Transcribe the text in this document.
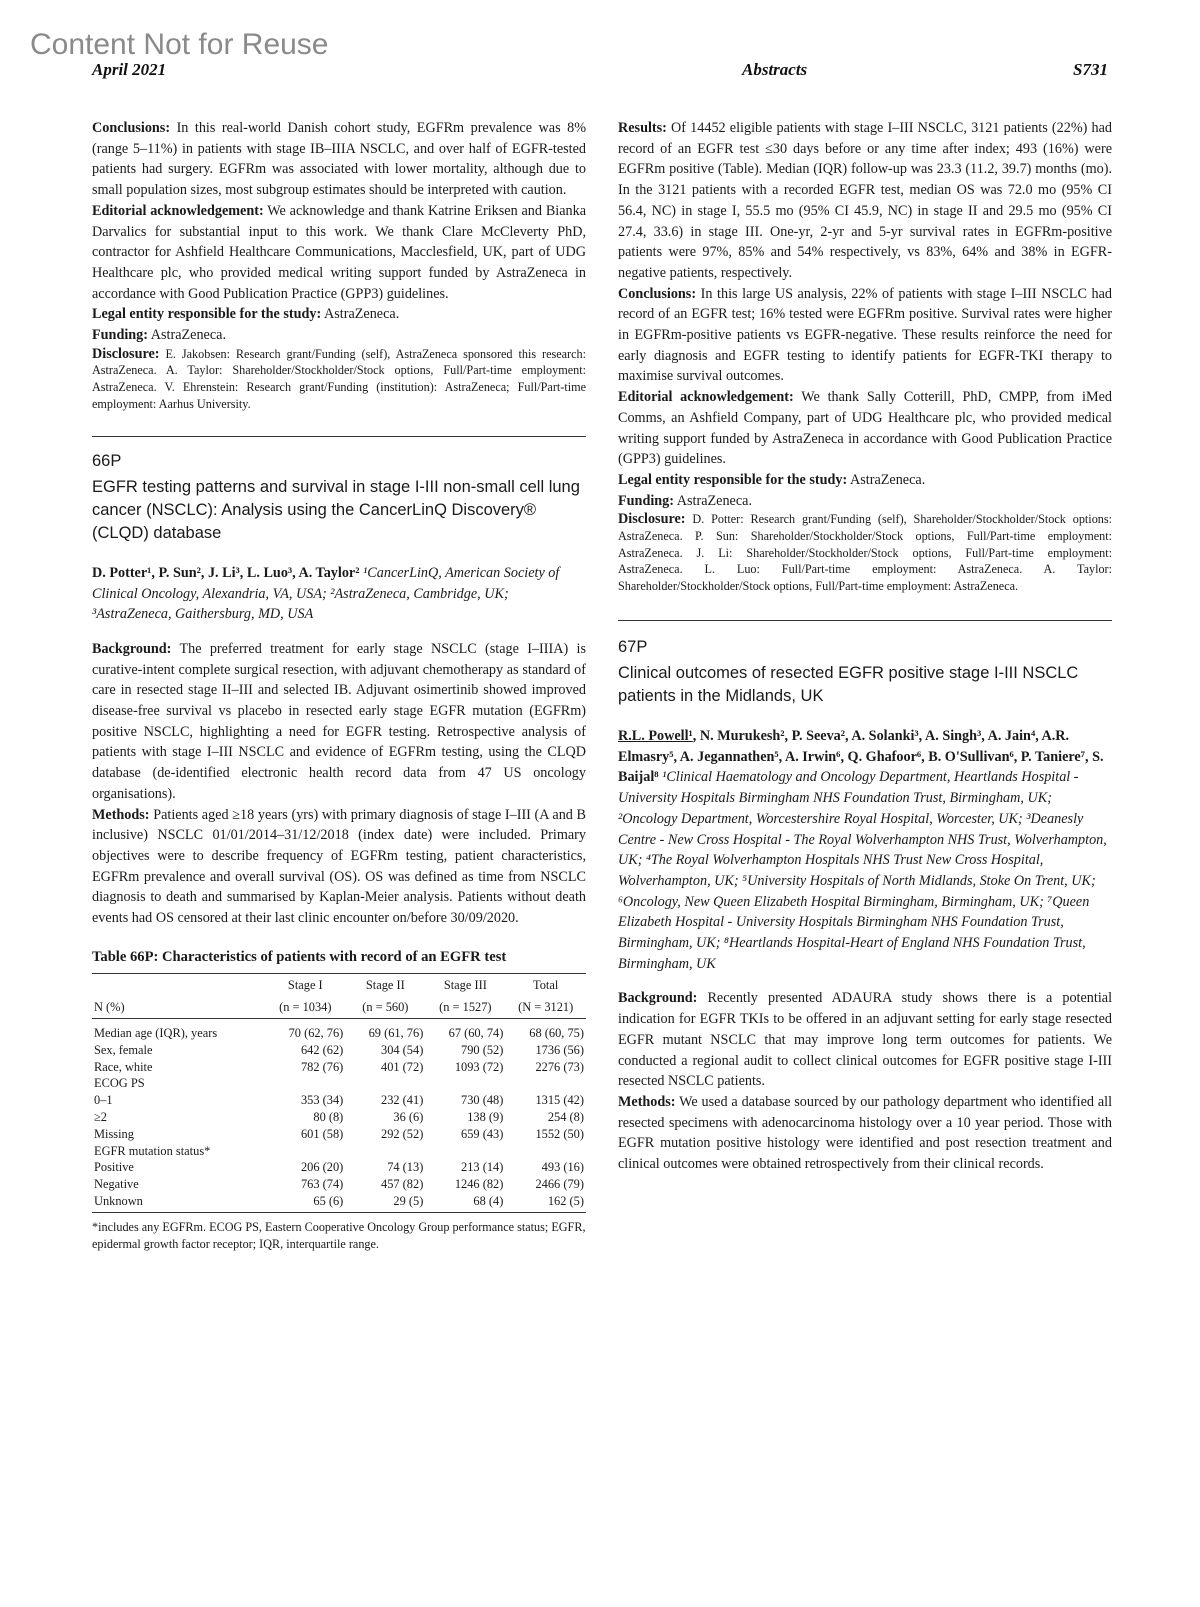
Content Not for Reuse
April 2021	Abstracts	S731

Conclusions: In this real-world Danish cohort study, EGFRm prevalence was 8% (range 5–11%) in patients with stage IB–IIIA NSCLC, and over half of EGFR-tested patients had surgery. EGFRm was associated with lower mortality, although due to small population sizes, most subgroup estimates should be interpreted with caution.

Editorial acknowledgement: We acknowledge and thank Katrine Eriksen and Bianka Darvalics for substantial input to this work. We thank Clare McCleverty PhD, contractor for Ashfield Healthcare Communications, Macclesfield, UK, part of UDG Healthcare plc, who provided medical writing support funded by AstraZeneca in accordance with Good Publication Practice (GPP3) guidelines.

Legal entity responsible for the study: AstraZeneca.

Funding: AstraZeneca.

Disclosure: E. Jakobsen: Research grant/Funding (self), AstraZeneca sponsored this research: AstraZeneca. A. Taylor: Shareholder/Stockholder/Stock options, Full/Part-time employment: AstraZeneca. V. Ehrenstein: Research grant/Funding (institution): AstraZeneca; Full/Part-time employment: Aarhus University.

66P
EGFR testing patterns and survival in stage I-III non-small cell lung cancer (NSCLC): Analysis using the CancerLinQ Discovery® (CLQD) database

D. Potter¹, P. Sun², J. Li³, L. Luo³, A. Taylor² ¹CancerLinQ, American Society of Clinical Oncology, Alexandria, VA, USA; ²AstraZeneca, Cambridge, UK; ³AstraZeneca, Gaithersburg, MD, USA

Background: The preferred treatment for early stage NSCLC (stage I–IIIA) is curative-intent complete surgical resection, with adjuvant chemotherapy as standard of care in resected stage II–III and selected IB. Adjuvant osimertinib showed improved disease-free survival vs placebo in resected early stage EGFR mutation (EGFRm) positive NSCLC, highlighting a need for EGFR testing. Retrospective analysis of patients with stage I–III NSCLC and evidence of EGFRm testing, using the CLQD database (de-identified electronic health record data from 47 US oncology organisations).

Methods: Patients aged ≥18 years (yrs) with primary diagnosis of stage I–III (A and B inclusive) NSCLC 01/01/2014–31/12/2018 (index date) were included. Primary objectives were to describe frequency of EGFRm testing, patient characteristics, EGFRm prevalence and overall survival (OS). OS was defined as time from NSCLC diagnosis to death and summarised by Kaplan-Meier analysis. Patients without death events had OS censored at their last clinic encounter on/before 30/09/2020.

Table 66P: Characteristics of patients with record of an EGFR test
	Stage I	Stage II	Stage III	Total
N (%)	(n = 1034)	(n = 560)	(n = 1527)	(N = 3121)
Median age (IQR), years	70 (62, 76)	69 (61, 76)	67 (60, 74)	68 (60, 75)
Sex, female	642 (62)	304 (54)	790 (52)	1736 (56)
Race, white	782 (76)	401 (72)	1093 (72)	2276 (73)
ECOG PS				
0–1	353 (34)	232 (41)	730 (48)	1315 (42)
≥2	80 (8)	36 (6)	138 (9)	254 (8)
Missing	601 (58)	292 (52)	659 (43)	1552 (50)
EGFR mutation status*				
Positive	206 (20)	74 (13)	213 (14)	493 (16)
Negative	763 (74)	457 (82)	1246 (82)	2466 (79)
Unknown	65 (6)	29 (5)	68 (4)	162 (5)
*includes any EGFRm. ECOG PS, Eastern Cooperative Oncology Group performance status; EGFR, epidermal growth factor receptor; IQR, interquartile range.

Results: Of 14452 eligible patients with stage I–III NSCLC, 3121 patients (22%) had record of an EGFR test ≤30 days before or any time after index; 493 (16%) were EGFRm positive (Table). Median (IQR) follow-up was 23.3 (11.2, 39.7) months (mo). In the 3121 patients with a recorded EGFR test, median OS was 72.0 mo (95% CI 56.4, NC) in stage I, 55.5 mo (95% CI 45.9, NC) in stage II and 29.5 mo (95% CI 27.4, 33.6) in stage III. One-yr, 2-yr and 5-yr survival rates in EGFRm-positive patients were 97%, 85% and 54% respectively, vs 83%, 64% and 38% in EGFR-negative patients, respectively.

Conclusions: In this large US analysis, 22% of patients with stage I–III NSCLC had record of an EGFR test; 16% tested were EGFRm positive. Survival rates were higher in EGFRm-positive patients vs EGFR-negative. These results reinforce the need for early diagnosis and EGFR testing to identify patients for EGFR-TKI therapy to maximise survival outcomes.

Editorial acknowledgement: We thank Sally Cotterill, PhD, CMPP, from iMed Comms, an Ashfield Company, part of UDG Healthcare plc, who provided medical writing support funded by AstraZeneca in accordance with Good Publication Practice (GPP3) guidelines.

Legal entity responsible for the study: AstraZeneca.

Funding: AstraZeneca.

Disclosure: D. Potter: Research grant/Funding (self), Shareholder/Stockholder/Stock options: AstraZeneca. P. Sun: Shareholder/Stockholder/Stock options, Full/Part-time employment: AstraZeneca. J. Li: Shareholder/Stockholder/Stock options, Full/Part-time employment: AstraZeneca. L. Luo: Full/Part-time employment: AstraZeneca. A. Taylor: Shareholder/Stockholder/Stock options, Full/Part-time employment: AstraZeneca.

67P
Clinical outcomes of resected EGFR positive stage I-III NSCLC patients in the Midlands, UK

R.L. Powell¹, N. Murukesh², P. Seeva², A. Solanki³, A. Singh³, A. Jain⁴, A.R. Elmasry⁵, A. Jegannathen⁵, A. Irwin⁶, Q. Ghafoor⁶, B. O'Sullivan⁶, P. Taniere⁷, S. Baijal⁸ ¹Clinical Haematology and Oncology Department, Heartlands Hospital - University Hospitals Birmingham NHS Foundation Trust, Birmingham, UK; ²Oncology Department, Worcestershire Royal Hospital, Worcester, UK; ³Deanesly Centre - New Cross Hospital - The Royal Wolverhampton NHS Trust, Wolverhampton, UK; ⁴The Royal Wolverhampton Hospitals NHS Trust New Cross Hospital, Wolverhampton, UK; ⁵University Hospitals of North Midlands, Stoke On Trent, UK; ⁶Oncology, New Queen Elizabeth Hospital Birmingham, Birmingham, UK; ⁷Queen Elizabeth Hospital - University Hospitals Birmingham NHS Foundation Trust, Birmingham, UK; ⁸Heartlands Hospital-Heart of England NHS Foundation Trust, Birmingham, UK

Background: Recently presented ADAURA study shows there is a potential indication for EGFR TKIs to be offered in an adjuvant setting for early stage resected EGFR mutant NSCLC that may improve long term outcomes for patients. We conducted a regional audit to collect clinical outcomes for EGFR positive stage I-III resected NSCLC patients.

Methods: We used a database sourced by our pathology department who identified all resected specimens with adenocarcinoma histology over a 10 year period. Those with EGFR mutation positive histology were identified and post resection treatment and clinical outcomes were obtained retrospectively from their clinical records.
